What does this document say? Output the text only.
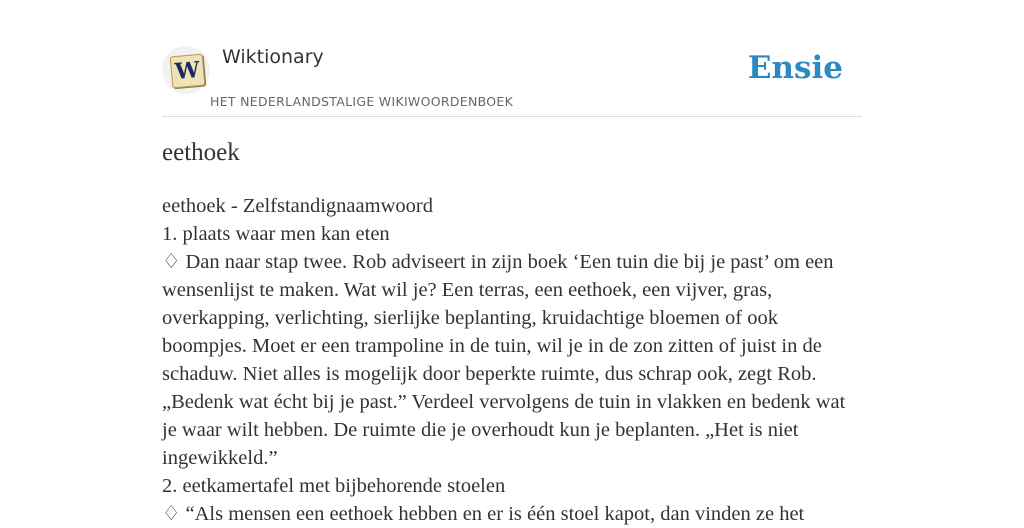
W Wiktionary
HET NEDERLANDSTALIGE WIKIWOORDENBOEK
Ensie
eethoek

eethoek - Zelfstandignaamwoord

1. plaats waar men kan eten

♢ Dan naar stap twee. Rob adviseert in zijn boek ‘Een tuin die bij je past’ om een wensenlijst te maken. Wat wil je? Een terras, een eethoek, een vijver, gras, overkapping, verlichting, sierlijke beplanting, kruidachtige bloemen of ook boompjes. Moet er een trampoline in de tuin, wil je in de zon zitten of juist in de schaduw. Niet alles is mogelijk door beperkte ruimte, dus schrap ook, zegt Rob. „Bedenk wat écht bij je past.” Verdeel vervolgens de tuin in vlakken en bedenk wat je waar wilt hebben. De ruimte die je overhoudt kun je beplanten. „Het is niet ingewikkeld.”

2. eetkamertafel met bijbehorende stoelen

♢ “Als mensen een eethoek hebben en er is één stoel kapot, dan vinden ze het
